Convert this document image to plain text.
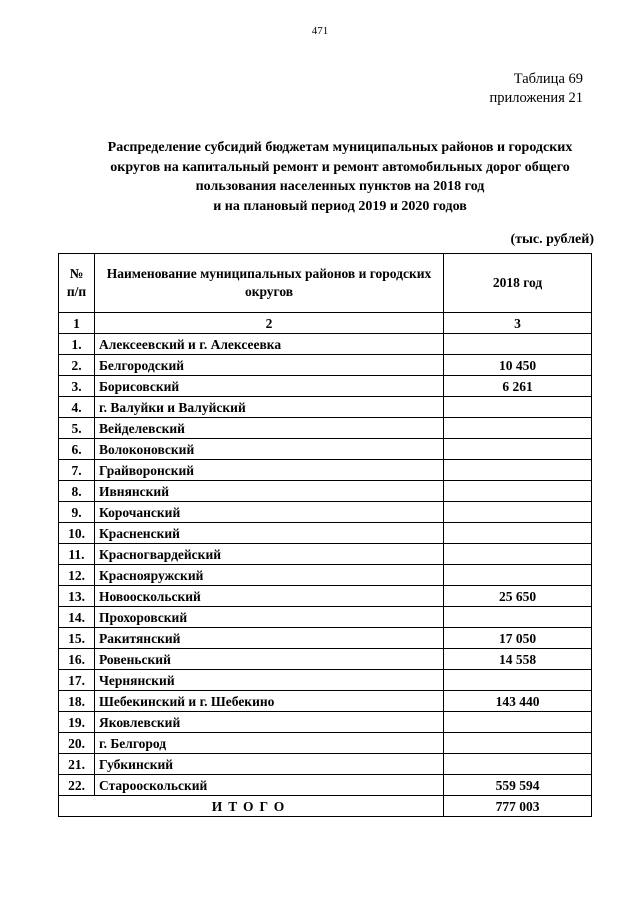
471
Таблица 69
приложения 21
Распределение субсидий бюджетам муниципальных районов и городских
округов на капитальный ремонт и ремонт автомобильных дорог общего
пользования населенных пунктов на 2018 год
и на плановый период 2019 и 2020 годов
(тыс. рублей)
№ п/п	Наименование муниципальных районов и городских округов	2018 год
1	2	3
1.	Алексеевский и г. Алексеевка	
2.	Белгородский	10 450
3.	Борисовский	6 261
4.	г. Валуйки и Валуйский	
5.	Вейделевский	
6.	Волоконовский	
7.	Грайворонский	
8.	Ивнянский	
9.	Корочанский	
10.	Красненский	
11.	Красногвардейский	
12.	Краснояружский	
13.	Новооскольский	25 650
14.	Прохоровский	
15.	Ракитянский	17 050
16.	Ровеньский	14 558
17.	Чернянский	
18.	Шебекинский и г. Шебекино	143 440
19.	Яковлевский	
20.	г. Белгород	
21.	Губкинский	
22.	Старооскольский	559 594
ИТОГО		777 003
